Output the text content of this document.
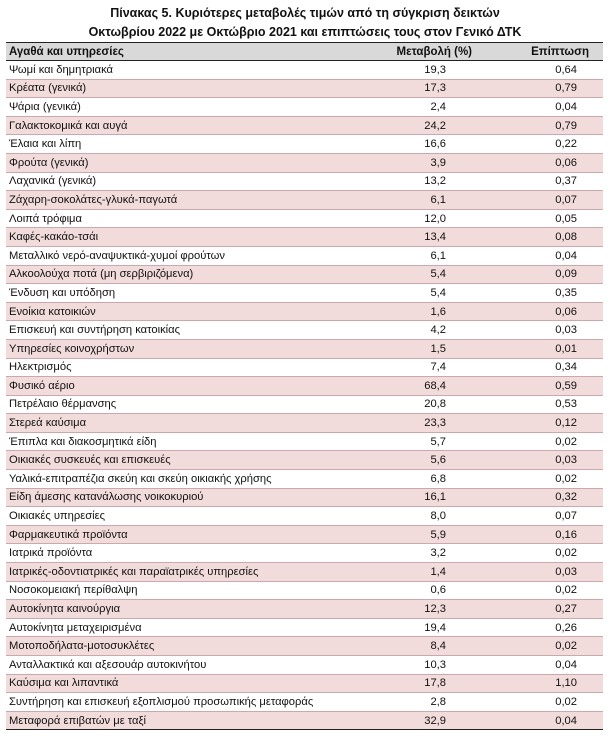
Πίνακας 5. Κυριότερες μεταβολές τιμών από τη σύγκριση δεικτών
Οκτωβρίου 2022 με Οκτώβριο 2021 και επιπτώσεις τους στον Γενικό ΔΤΚ
Αγαθά και υπηρεσίες	Μεταβολή (%)	Επίπτωση
Ψωμί και δημητριακά	19,3	0,64
Κρέατα (γενικά)	17,3	0,79
Ψάρια (γενικά)	2,4	0,04
Γαλακτοκομικά και αυγά	24,2	0,79
Έλαια και λίπη	16,6	0,22
Φρούτα (γενικά)	3,9	0,06
Λαχανικά (γενικά)	13,2	0,37
Ζάχαρη-σοκολάτες-γλυκά-παγωτά	6,1	0,07
Λοιπά τρόφιμα	12,0	0,05
Καφές-κακάο-τσάι	13,4	0,08
Μεταλλικό νερό-αναψυκτικά-χυμοί φρούτων	6,1	0,04
Αλκοολούχα ποτά (μη σερβιριζόμενα)	5,4	0,09
Ένδυση και υπόδηση	5,4	0,35
Ενοίκια κατοικιών	1,6	0,06
Επισκευή και συντήρηση κατοικίας	4,2	0,03
Υπηρεσίες κοινοχρήστων	1,5	0,01
Ηλεκτρισμός	7,4	0,34
Φυσικό αέριο	68,4	0,59
Πετρέλαιο θέρμανσης	20,8	0,53
Στερεά καύσιμα	23,3	0,12
Έπιπλα και διακοσμητικά είδη	5,7	0,02
Οικιακές συσκευές και επισκευές	5,6	0,03
Υαλικά-επιτραπέζια σκεύη και σκεύη οικιακής χρήσης	6,8	0,02
Είδη άμεσης κατανάλωσης νοικοκυριού	16,1	0,32
Οικιακές υπηρεσίες	8,0	0,07
Φαρμακευτικά προϊόντα	5,9	0,16
Ιατρικά προϊόντα	3,2	0,02
Ιατρικές-οδοντιατρικές και παραϊατρικές υπηρεσίες	1,4	0,03
Νοσοκομειακή περίθαλψη	0,6	0,02
Αυτοκίνητα καινούργια	12,3	0,27
Αυτοκίνητα μεταχειρισμένα	19,4	0,26
Μοτοποδήλατα-μοτοσυκλέτες	8,4	0,02
Ανταλλακτικά και αξεσουάρ αυτοκινήτου	10,3	0,04
Καύσιμα και λιπαντικά	17,8	1,10
Συντήρηση και επισκευή εξοπλισμού προσωπικής μεταφοράς	2,8	0,02
Μεταφορά επιβατών με ταξί	32,9	0,04
